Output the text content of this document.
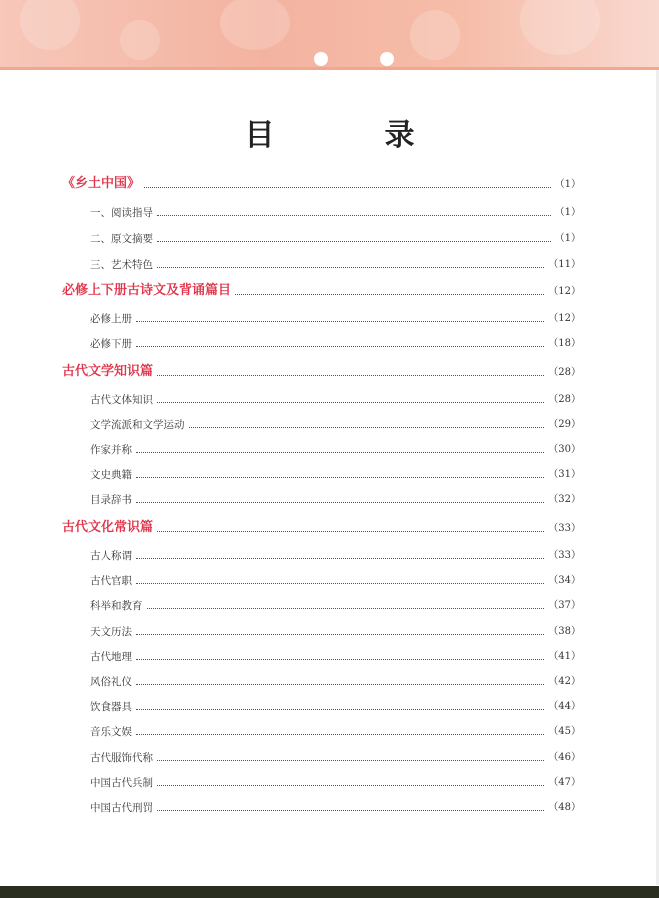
目　录
《乡土中国》	（1）
一、阅读指导	（1）
二、原文摘要	（1）
三、艺术特色	（11）
必修上下册古诗文及背诵篇目	（12）
必修上册	（12）
必修下册	（18）
古代文学知识篇	（28）
古代文体知识	（28）
文学流派和文学运动	（29）
作家并称	（30）
文史典籍	（31）
目录辞书	（32）
古代文化常识篇	（33）
古人称谓	（33）
古代官职	（34）
科举和教育	（37）
天文历法	（38）
古代地理	（41）
风俗礼仪	（42）
饮食器具	（44）
音乐文娱	（45）
古代服饰代称	（46）
中国古代兵制	（47）
中国古代刑罚	（48）
